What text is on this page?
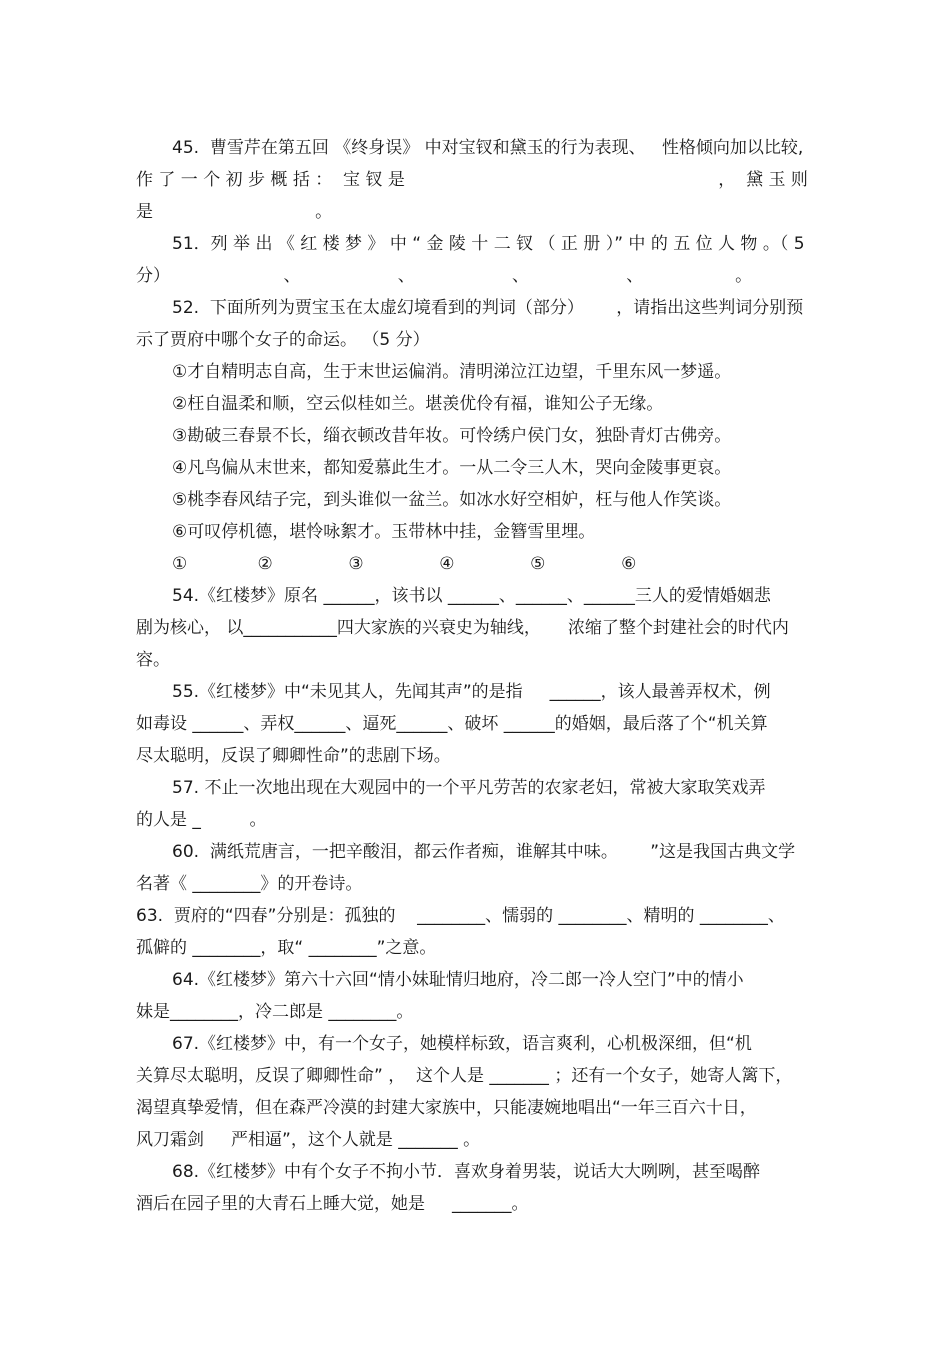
45.  曹雪芹在第五回 《终身误》 中对宝钗和黛玉的行为表现、   性格倾向加以比较,
作 了 一 个 初 步 概 括 ：  宝 钗 是                                                          ，  黛 玉 则
是                              。
51．列 举 出 《 红 楼 梦 》 中 “ 金 陵 十 二 钗 （ 正 册 ）” 中 的 五 位 人 物 。（ 5
分）                     、                  、                  、                  、                 。
52.  下面所列为贾宝玉在太虚幻境看到的判词（部分）      ，请指出这些判词分别预
示了贾府中哪个女子的命运。 （5 分）
①才自精明志自高，生于末世运偏消。清明涕泣江边望，千里东风一梦遥。
②枉自温柔和顺，空云似桂如兰。堪羡优伶有福，谁知公子无缘。
③勘破三春景不长，缁衣顿改昔年妆。可怜绣户侯门女，独卧青灯古佛旁。
④凡鸟偏从末世来，都知爱慕此生才。一从二令三人木，哭向金陵事更哀。
⑤桃李春风结子完，到头谁似一盆兰。如冰水好空相妒，枉与他人作笑谈。
⑥可叹停机德，堪怜咏絮才。玉带林中挂，金簪雪里埋。
①             ②              ③              ④              ⑤              ⑥
54.《红楼梦》原名 ______，该书以 ______、______、______三人的爱情婚姻悲
剧为核心， 以___________四大家族的兴衰史为轴线，     浓缩了整个封建社会的时代内
容。
55.《红楼梦》中“未见其人，先闻其声”的是指     ______，该人最善弄权术，例
如毒设 ______、弄权______、逼死______、破坏 ______的婚姻，最后落了个“机关算
尽太聪明，反误了卿卿性命”的悲剧下场。
57. 不止一次地出现在大观园中的一个平凡劳苦的农家老妇，常被大家取笑戏弄
的人是 _         。
60.  满纸荒唐言，一把辛酸泪，都云作者痴，谁解其中味。      ”这是我国古典文学
名著《 ________》的开卷诗。
63.  贾府的“四春”分别是：孤独的    ________、懦弱的 ________、精明的 ________、
孤僻的 ________，取“ ________”之意。
64.《红楼梦》第六十六回“情小妹耻情归地府，冷二郎一冷人空门”中的情小
妹是________，冷二郎是 ________。
67.《红楼梦》中，有一个女子，她模样标致，语言爽利，心机极深细，但“机
关算尽太聪明，反误了卿卿性命” ，  这个人是 _______ ；还有一个女子，她寄人篱下，
渴望真挚爱情，但在森严冷漠的封建大家族中，只能凄婉地唱出“一年三百六十日，
风刀霜剑     严相逼”，这个人就是 _______ 。
68.《红楼梦》中有个女子不拘小节．喜欢身着男装，说话大大咧咧，甚至喝醉
酒后在园子里的大青石上睡大觉，她是     _______。
